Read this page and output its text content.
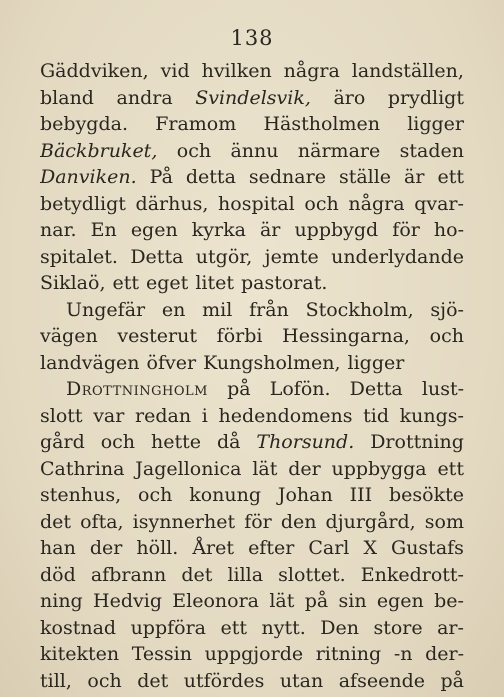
138
Gäddviken, vid hvilken några landställen,
bland andra Svindelsvik, äro prydligt
bebygda. Framom Hästholmen ligger
Bäckbruket, och ännu närmare staden
Danviken. På detta sednare ställe är ett
betydligt därhus, hospital och några qvar-
nar. En egen kyrka är uppbygd för ho-
spitalet. Detta utgör, jemte underlydande
Siklaö, ett eget litet pastorat.
Ungefär en mil från Stockholm, sjö-
vägen vesterut förbi Hessingarna, och
landvägen öfver Kungsholmen, ligger
Drottningholm på Lofön. Detta lust-
slott var redan i hedendomens tid kungs-
gård och hette då Thorsund. Drottning
Cathrina Jagellonica lät der uppbygga ett
stenhus, och konung Johan III besökte
det ofta, isynnerhet för den djurgård, som
han der höll. Året efter Carl X Gustafs
död afbrann det lilla slottet. Enkedrott-
ning Hedvig Eleonora lät på sin egen be-
kostnad uppföra ett nytt. Den store ar-
kitekten Tessin uppgjorde ritning -n der-
till, och det utfördes utan afseende på
